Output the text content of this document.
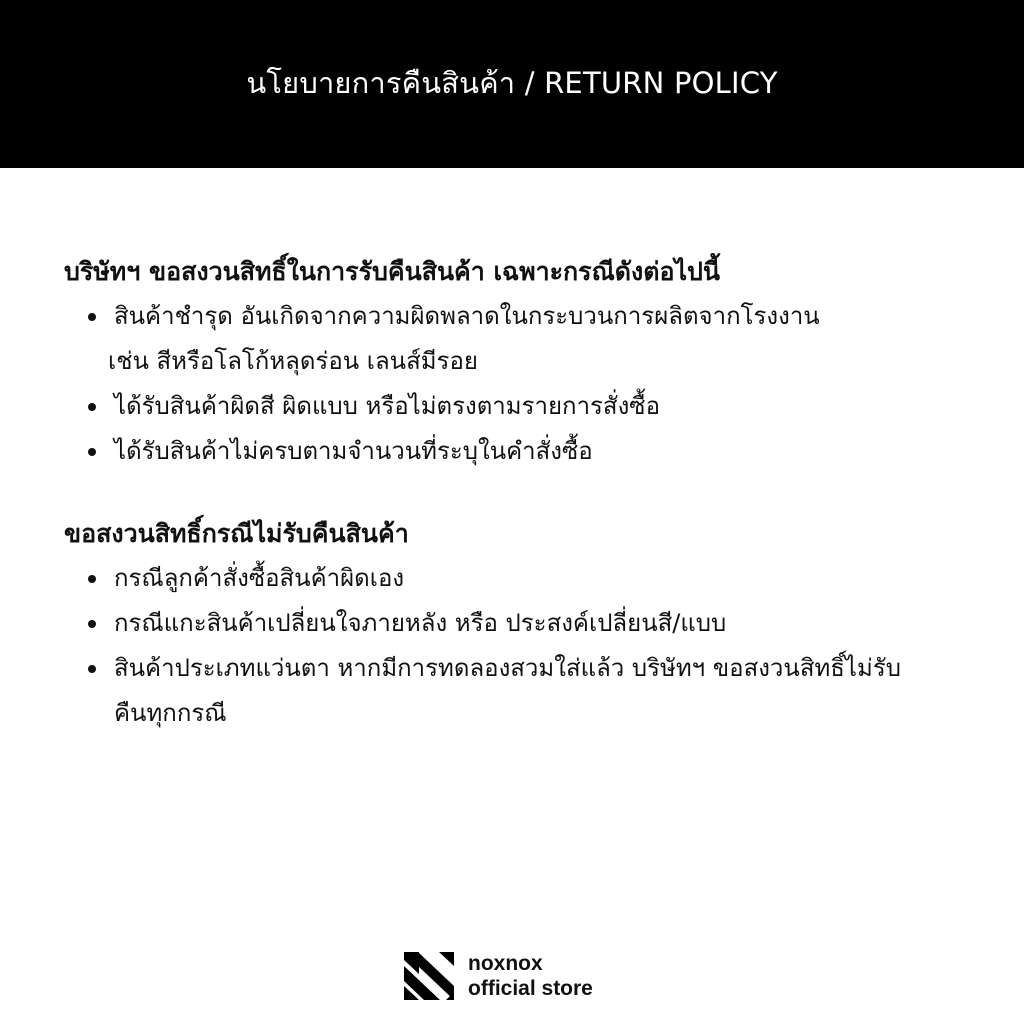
นโยบายการคืนสินค้า / RETURN POLICY
บริษัทฯ ขอสงวนสิทธิ์ในการรับคืนสินค้า เฉพาะกรณีดังต่อไปนี้
สินค้าชำรุด อันเกิดจากความผิดพลาดในกระบวนการผลิตจากโรงงาน
เช่น สีหรือโลโก้หลุดร่อน เลนส์มีรอย
ได้รับสินค้าผิดสี ผิดแบบ หรือไม่ตรงตามรายการสั่งซื้อ
ได้รับสินค้าไม่ครบตามจำนวนที่ระบุในคำสั่งซื้อ
ขอสงวนสิทธิ์กรณีไม่รับคืนสินค้า
กรณีลูกค้าสั่งซื้อสินค้าผิดเอง
กรณีแกะสินค้าเปลี่ยนใจภายหลัง หรือ ประสงค์เปลี่ยนสี/แบบ
สินค้าประเภทแว่นตา หากมีการทดลองสวมใส่แล้ว บริษัทฯ ขอสงวนสิทธิ์ไม่รับ
คืนทุกกรณี
noxnox
official store
